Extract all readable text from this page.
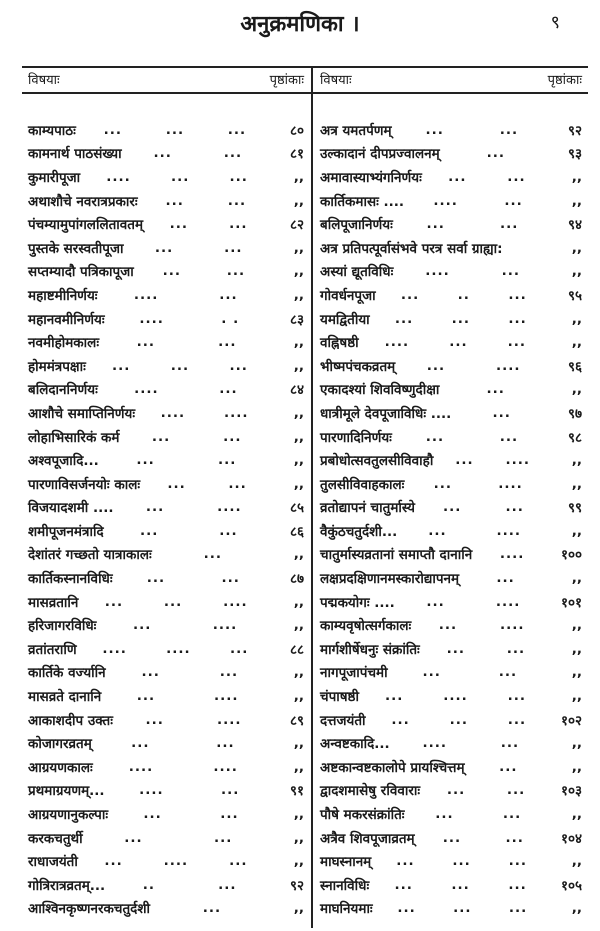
अनुक्रमणिका ।	९
विषयाः	पृष्ठांकाः विषयाः	पृष्ठांकाः
काम्यपाठः ...	...	...	८०
कामनार्थ पाठसंख्या ...	...	८१
कुमारीपूजा ....	...	...	,,
अथाशौचे नवरात्रप्रकारः ...	...	,,
पंचम्यामुपांगललितावतम् ...	...	८२
पुस्तके सरस्वतीपूजा ...	...	,,
सप्तम्यादौ पत्रिकापूजा ...	...	,,
महाष्टमीनिर्णयः	....	...	,,
महानवमीनिर्णयः	....	. .	८३
नवमीहोमकालः	...	...	,,
होममंत्रपक्षाः ...	...	...	,,
बलिदाननिर्णयः	....	...	८४
आशौचे समाप्तिनिर्णयः ....	....	,,
लोहाभिसारिकं कर्म ...	...	,,
अश्वपूजादि...	...	...	,,
पारणाविसर्जनयोः कालः ...	...	,,
विजयादशमी .... ...	....	८५
शमीपूजनमंत्रादि	...	...	८६
देशांतरं गच्छतो यात्राकालः	...	,,
कार्तिकस्नानविधिः	...	...	८७
मासव्रतानि ...	...	....	,,
हरिजागरविधिः	...	....	,,
व्रतांतराणि ....	....	...	८८
कार्तिके वर्ज्यानि	...	...	,,
मासव्रते दानानि	...	....	,,
आकाशदीप उक्तः ...	....	८९
कोजागरव्रतम्	...	...	,,
आग्रयणकालः	....	....	,,
प्रथमाग्रयणम्...	....	...	९१
आग्रयणानुकल्पाः	...	...	,,
करकचतुर्थी	...	...	,,
राधाजयंती ...	....	...	,,
गोत्रिरात्रव्रतम्...	..	...	९२
आश्विनकृष्णनरकचतुर्दशी	...	,,
अत्र यमतर्पणम्	...	...	९२
उल्कादानं दीपप्रज्वालनम्	...	९३
अमावास्याभ्यंगनिर्णयः ...	...	,,
कार्तिकमासः .... ....	...	,,
बलिपूजानिर्णयः ...	...	९४
अत्र प्रतिपत्पूर्वासंभवे परत्र सर्वा ग्राह्या:	,,
अस्यां द्यूतविधिः ....	...	,,
गोवर्धनपूजा ...	..	...	९५
यमद्वितीया ...	...	...	,,
वह्निषष्ठी ....	...	...	,,
भीष्मपंचकव्रतम् ...	....	९६
एकादश्यां शिवविष्णुदीक्षा	...	,,
धात्रीमूले देवपूजाविधिः ....	...	९७
पारणादिनिर्णयः	...	...	९८
प्रबोधोत्सवतुलसीविवाहौ ... ....	,,
तुलसीविवाहकालः ...	....	,,
व्रतोद्यापनं चातुर्मास्ये ...	...	९९
वैकुंठचतुर्दशी... ...	....	,,
चातुर्मास्यव्रतानां समाप्तौ दानानि ....	१००
लक्षप्रदक्षिणानमस्कारोद्यापनम्	...	,,
पद्मकयोगः .... ...	....	१०१
काम्यवृषोत्सर्गकालः ...	....	,,
मार्गशीर्षेधनुः संक्रांतिः ...	...	,,
नागपूजापंचमी	...	...	,,
चंपाषष्ठी ...	....	...	,,
दत्तजयंती ...	...	...	१०२
अन्वष्टकादि... ....	...	,,
अष्टकान्वष्टकालोपे प्रायश्चित्तम्	...	,,
द्वादशमासेषु रविवाराः ...	...	१०३
पौषे मकरसंक्रांतिः ...	...	,,
अत्रैव शिवपूजाव्रतम् ...	...	१०४
माघस्नानम् ...	...	...	,,
स्नानविधिः ...	...	...	१०५
माघनियमाः ...	...	...	,,
